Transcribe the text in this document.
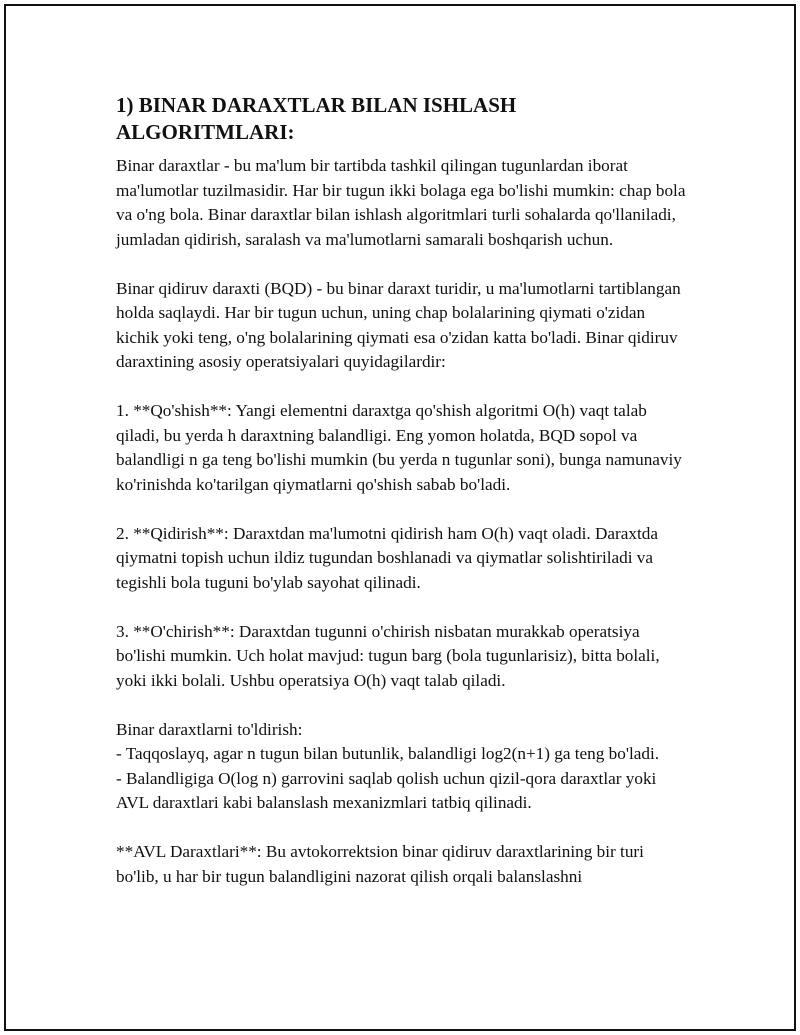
1) BINAR DARAXTLAR BILAN ISHLASH ALGORITMLARI:

Binar daraxtlar - bu ma'lum bir tartibda tashkil qilingan tugunlardan iborat ma'lumotlar tuzilmasidir. Har bir tugun ikki bolaga ega bo'lishi mumkin: chap bola va o'ng bola. Binar daraxtlar bilan ishlash algoritmlari turli sohalarda qo'llaniladi, jumladan qidirish, saralash va ma'lumotlarni samarali boshqarish uchun.

Binar qidiruv daraxti (BQD) - bu binar daraxt turidir, u ma'lumotlarni tartiblangan holda saqlaydi. Har bir tugun uchun, uning chap bolalarining qiymati o'zidan kichik yoki teng, o'ng bolalarining qiymati esa o'zidan katta bo'ladi. Binar qidiruv daraxtining asosiy operatsiyalari quyidagilardir:

1. **Qo'shish**: Yangi elementni daraxtga qo'shish algoritmi O(h) vaqt talab qiladi, bu yerda h daraxtning balandligi. Eng yomon holatda, BQD sopol va balandligi n ga teng bo'lishi mumkin (bu yerda n tugunlar soni), bunga namunaviy ko'rinishda ko'tarilgan qiymatlarni qo'shish sabab bo'ladi.

2. **Qidirish**: Daraxtdan ma'lumotni qidirish ham O(h) vaqt oladi. Daraxtda qiymatni topish uchun ildiz tugundan boshlanadi va qiymatlar solishtiriladi va tegishli bola tuguni bo'ylab sayohat qilinadi.

3. **O'chirish**: Daraxtdan tugunni o'chirish nisbatan murakkab operatsiya bo'lishi mumkin. Uch holat mavjud: tugun barg (bola tugunlarisiz), bitta bolali, yoki ikki bolali. Ushbu operatsiya O(h) vaqt talab qiladi.

Binar daraxtlarni to'ldirish:
- Taqqoslayq, agar n tugun bilan butunlik, balandligi log2(n+1) ga teng bo'ladi.
- Balandligiga O(log n) garrovini saqlab qolish uchun qizil-qora daraxtlar yoki AVL daraxtlari kabi balanslash mexanizmlari tatbiq qilinadi.

**AVL Daraxtlari**: Bu avtokorrektsion binar qidiruv daraxtlarining bir turi bo'lib, u har bir tugun balandligini nazorat qilish orqali balanslashni
